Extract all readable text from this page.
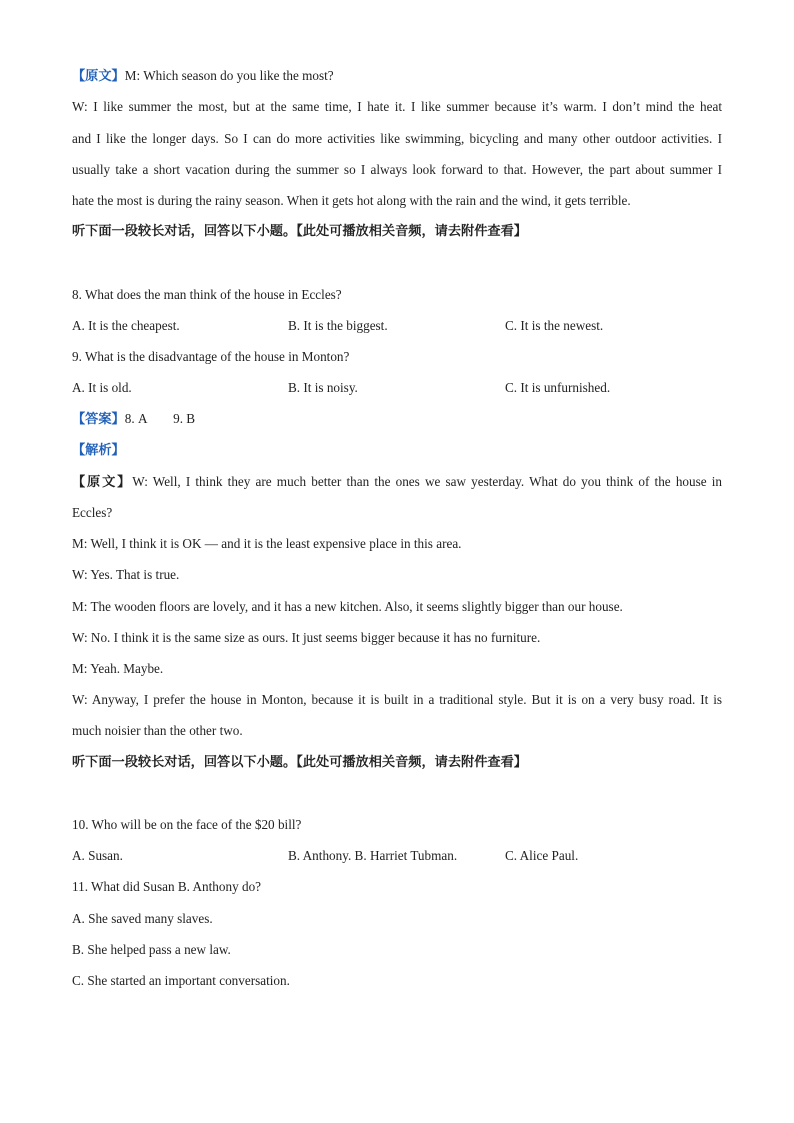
【原文】M: Which season do you like the most?
W: I like summer the most, but at the same time, I hate it. I like summer because it’s warm. I don’t mind the heat
and I like the longer days. So I can do more activities like swimming, bicycling and many other outdoor activities. I
usually take a short vacation during the summer so I always look forward to that. However, the part about summer I
hate the most is during the rainy season. When it gets hot along with the rain and the wind, it gets terrible.
听下面一段较长对话，回答以下小题。【此处可播放相关音频，请去附件查看】
8. What does the man think of the house in Eccles?
A. It is the cheapest.	B. It is the biggest.	C. It is the newest.
9. What is the disadvantage of the house in Monton?
A. It is old.	B. It is noisy.	C. It is unfurnished.
【答案】8. A        9. B
【解析】
【原文】W: Well, I think they are much better than the ones we saw yesterday. What do you think of the house in
Eccles?
M: Well, I think it is OK — and it is the least expensive place in this area.
W: Yes. That is true.
M: The wooden floors are lovely, and it has a new kitchen. Also, it seems slightly bigger than our house.
W: No. I think it is the same size as ours. It just seems bigger because it has no furniture.
M: Yeah. Maybe.
W: Anyway, I prefer the house in Monton, because it is built in a traditional style. But it is on a very busy road. It is
much noisier than the other two.
听下面一段较长对话，回答以下小题。【此处可播放相关音频，请去附件查看】
10. Who will be on the face of the $20 bill?
A. Susan.	B. Anthony. B. Harriet Tubman.	C. Alice Paul.
11. What did Susan B. Anthony do?
A. She saved many slaves.
B. She helped pass a new law.
C. She started an important conversation.
